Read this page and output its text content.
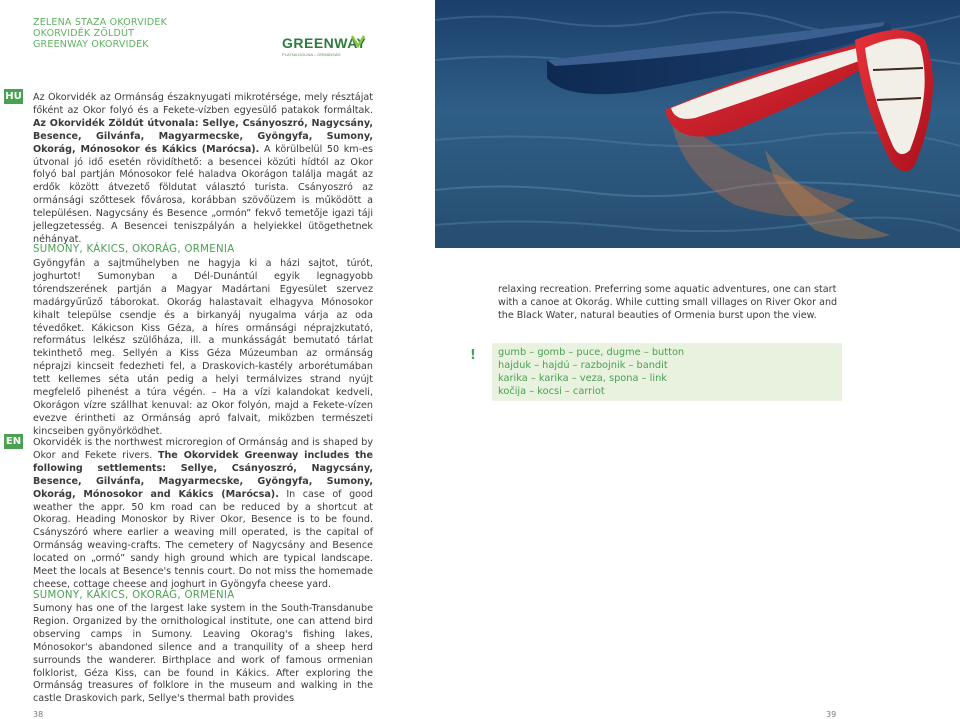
ZELENA STAZA OKORVIDEK
OKORVIDÉK ZÖLDÚT
GREENWAY OKORVIDEK	GREENWAY
PLATNA DOLINA – ORMÁNSÁG
HU Az Okorvidék az Ormánság északnyugati mikrotérsége, mely résztájat főként az Okor folyó és a Fekete-vízben egyesülő patakok formáltak. Az Okorvidék Zöldút útvonala: Sellye, Csányoszró, Nagycsány, Besence, Gilvánfa, Magyarmecske, Gyöngyfa, Sumony, Okorág, Mónosokor és Kákics (Marócsa). A körülbelül 50 km-es útvonal jó idő esetén rövidíthető: a besencei közúti hídtól az Okor folyó bal partján Mónosokor felé haladva Okorágon találja magát az erdők között átvezető földutat választó turista. Csányoszró az ormánsági szőttesek fővárosa, korábban szövőüzem is működött a településen. Nagycsány és Besence „ormón” fekvő temetője igazi táji jellegzetesség. A Besencei teniszpályán a helyiekkel ütögethetnek néhányat.
SUMONY, KÁKICS, OKORÁG, ORMENIA
Gyöngyfán a sajtműhelyben ne hagyja ki a házi sajtot, túrót, joghurtot! Sumonyban a Dél-Dunántúl egyik legnagyobb tórendszerének partján a Magyar Madártani Egyesület szervez madárgyűrűző táborokat. Okorág halastavait elhagyva Mónosokor kihalt települse csendje és a birkanyáj nyugalma várja az oda tévedőket. Kákicson Kiss Géza, a híres ormánsági néprajzkutató, református lelkész szülőháza, ill. a munkásságát bemutató tárlat tekinthető meg. Sellyén a Kiss Géza Múzeumban az ormánság néprajzi kincseit fedezheti fel, a Draskovich-kastély arborétumában tett kellemes séta után pedig a helyi termálvizes strand nyújt megfelelő pihenést a túra végén. – Ha a vízi kalandokat kedveli, Okorágon vízre szállhat kenuval: az Okor folyón, majd a Fekete-vízen evezve érintheti az Ormánság apró falvait, miközben természeti kincseiben gyönyörködhet.
EN Okorvidék is the northwest microregion of Ormánság and is shaped by Okor and Fekete rivers. The Okorvidek Greenway includes the following settlements: Sellye, Csányoszró, Nagycsány, Besence, Gilvánfa, Magyarmecske, Gyöngyfa, Sumony, Okorág, Mónosokor and Kákics (Marócsa). In case of good weather the appr. 50 km road can be reduced by a shortcut at Okorag. Heading Monoskor by River Okor, Besence is to be found. Csányszóró where earlier a weaving mill operated, is the capital of Ormánság weaving-crafts. The cemetery of Nagycsány and Besence located on „ormó” sandy high ground which are typical landscape. Meet the locals at Besence's tennis court. Do not miss the homemade cheese, cottage cheese and joghurt in Gyöngyfa cheese yard.
SUMONY, KÁKICS, OKORÁG, ORMENIA
Sumony has one of the largest lake system in the South-Transdanube Region. Organized by the ornithological institute, one can attend bird observing camps in Sumony. Leaving Okorag's fishing lakes, Mónosokor's abandoned silence and a tranquility of a sheep herd surrounds the wanderer. Birthplace and work of famous ormenian folklorist, Géza Kiss, can be found in Kákics. After exploring the Ormánság treasures of folklore in the museum and walking in the castle Draskovich park, Sellye's thermal bath provides
relaxing recreation. Preferring some aquatic adventures, one can start with a canoe at Okorág. While cutting small villages on River Okor and the Black Water, natural beauties of Ormenia burst upon the view.
! gumb – gomb – puce, dugme – button
hajduk – hajdú – razbojnik – bandit
karika – karika – veza, spona – link
kočija – kocsi – carriot
38	39
